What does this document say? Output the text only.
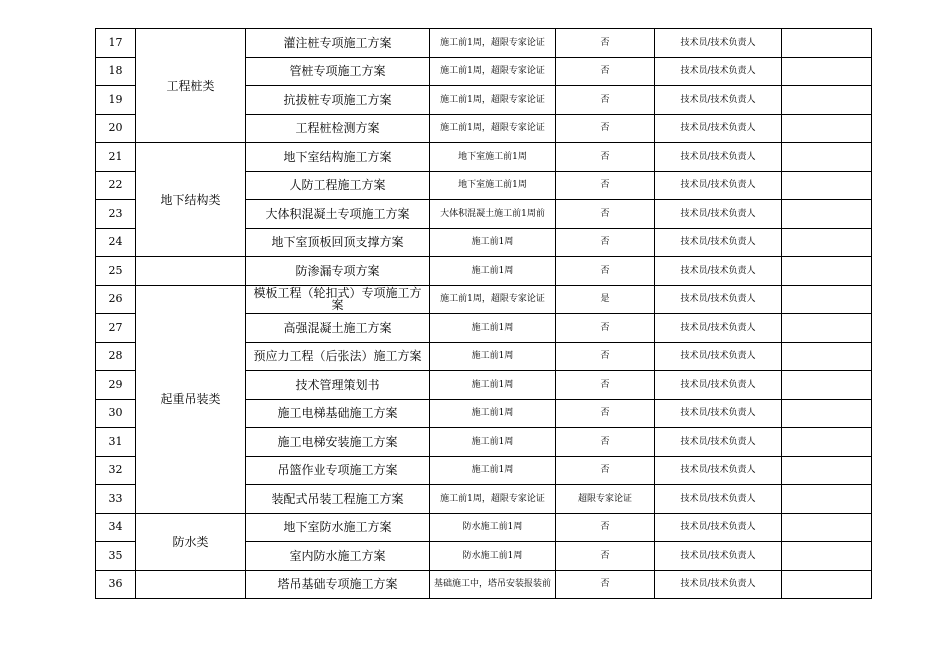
17	工程桩类	灌注桩专项施工方案	施工前1周，超限专家论证	否	技术员/技术负责人	
18		管桩专项施工方案	施工前1周，超限专家论证	否	技术员/技术负责人	
19		抗拔桩专项施工方案	施工前1周，超限专家论证	否	技术员/技术负责人	
20		工程桩检测方案	施工前1周，超限专家论证	否	技术员/技术负责人	
21	地下结构类	地下室结构施工方案	地下室施工前1周	否	技术员/技术负责人	
22		人防工程施工方案	地下室施工前1周	否	技术员/技术负责人	
23		大体积混凝土专项施工方案	大体积混凝土施工前1周前	否	技术员/技术负责人	
24		地下室顶板回顶支撑方案	施工前1周	否	技术员/技术负责人	
25		防渗漏专项方案	施工前1周	否	技术员/技术负责人	
26	起重吊装类	模板工程（轮扣式）专项施工方案	施工前1周，超限专家论证	是	技术员/技术负责人	
27		高强混凝土施工方案	施工前1周	否	技术员/技术负责人	
28		预应力工程（后张法）施工方案	施工前1周	否	技术员/技术负责人	
29		技术管理策划书	施工前1周	否	技术员/技术负责人	
30		施工电梯基础施工方案	施工前1周	否	技术员/技术负责人	
31		施工电梯安装施工方案	施工前1周	否	技术员/技术负责人	
32		吊篮作业专项施工方案	施工前1周	否	技术员/技术负责人	
33		装配式吊装工程施工方案	施工前1周，超限专家论证	超限专家论证	技术员/技术负责人	
34	防水类	地下室防水施工方案	防水施工前1周	否	技术员/技术负责人	
35		室内防水施工方案	防水施工前1周	否	技术员/技术负责人	
36		塔吊基础专项施工方案	基础施工中，塔吊安装报装前	否	技术员/技术负责人	
